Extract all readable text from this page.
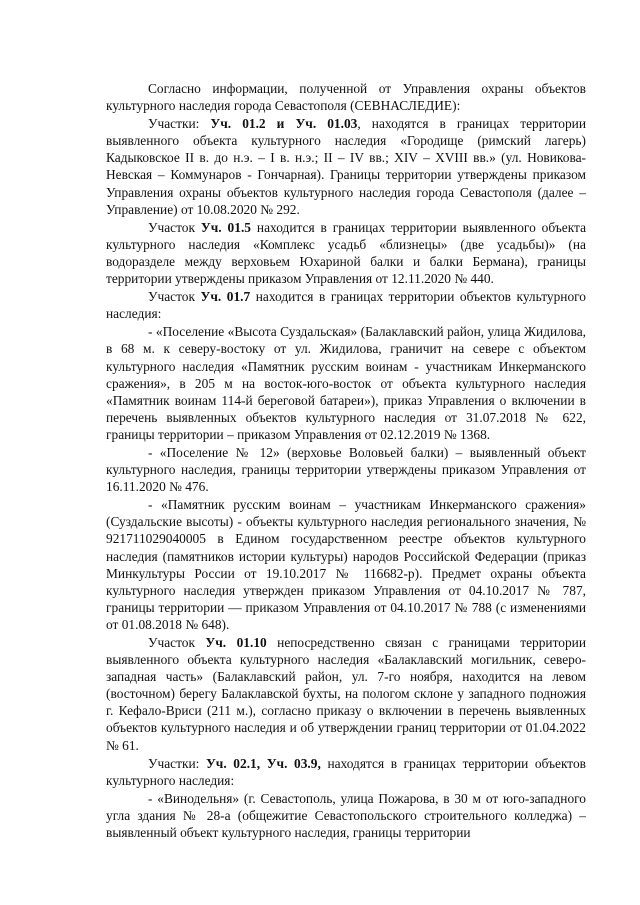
Согласно информации, полученной от Управления охраны объектов культурного наследия города Севастополя (СЕВНАСЛЕДИЕ):

Участки: Уч. 01.2 и Уч. 01.03, находятся в границах территории выявленного объекта культурного наследия «Городище (римский лагерь) Кадыковское II в. до н.э. – I в. н.э.; II – IV вв.; XIV – XVIII вв.» (ул. Новикова-Невская – Коммунаров - Гончарная). Границы территории утверждены приказом Управления охраны объектов культурного наследия города Севастополя (далее – Управление) от 10.08.2020 № 292.

Участок Уч. 01.5 находится в границах территории выявленного объекта культурного наследия «Комплекс усадьб «близнецы» (две усадьбы)» (на водоразделе между верховьем Юхариной балки и балки Бермана), границы территории утверждены приказом Управления от 12.11.2020 № 440.

Участок Уч. 01.7 находится в границах территории объектов культурного наследия:

- «Поселение «Высота Суздальская» (Балаклавский район, улица Жидилова, в 68 м. к северу-востоку от ул. Жидилова, граничит на севере с объектом культурного наследия «Памятник русским воинам - участникам Инкерманского сражения», в 205 м на восток-юго-восток от объекта культурного наследия «Памятник воинам 114-й береговой батареи»), приказ Управления о включении в перечень выявленных объектов культурного наследия от 31.07.2018 № 622, границы территории – приказом Управления от 02.12.2019 № 1368.

- «Поселение № 12» (верховье Воловьей балки) – выявленный объект культурного наследия, границы территории утверждены приказом Управления от 16.11.2020 № 476.

- «Памятник русским воинам – участникам Инкерманского сражения» (Суздальские высоты) - объекты культурного наследия регионального значения, № 921711029040005 в Едином государственном реестре объектов культурного наследия (памятников истории культуры) народов Российской Федерации (приказ Минкультуры России от 19.10.2017 № 116682-р). Предмет охраны объекта культурного наследия утвержден приказом Управления от 04.10.2017 № 787, границы территории — приказом Управления от 04.10.2017 № 788 (с изменениями от 01.08.2018 № 648).

Участок Уч. 01.10 непосредственно связан с границами территории выявленного объекта культурного наследия «Балаклавский могильник, северо-западная часть» (Балаклавский район, ул. 7-го ноября, находится на левом (восточном) берегу Балаклавской бухты, на пологом склоне у западного подножия г. Кефало-Вриси (211 м.), согласно приказу о включении в перечень выявленных объектов культурного наследия и об утверждении границ территории от 01.04.2022 № 61.

Участки: Уч. 02.1, Уч. 03.9, находятся в границах территории объектов культурного наследия:

- «Винодельня» (г. Севастополь, улица Пожарова, в 30 м от юго-западного угла здания № 28-а (общежитие Севастопольского строительного колледжа) – выявленный объект культурного наследия, границы территории
